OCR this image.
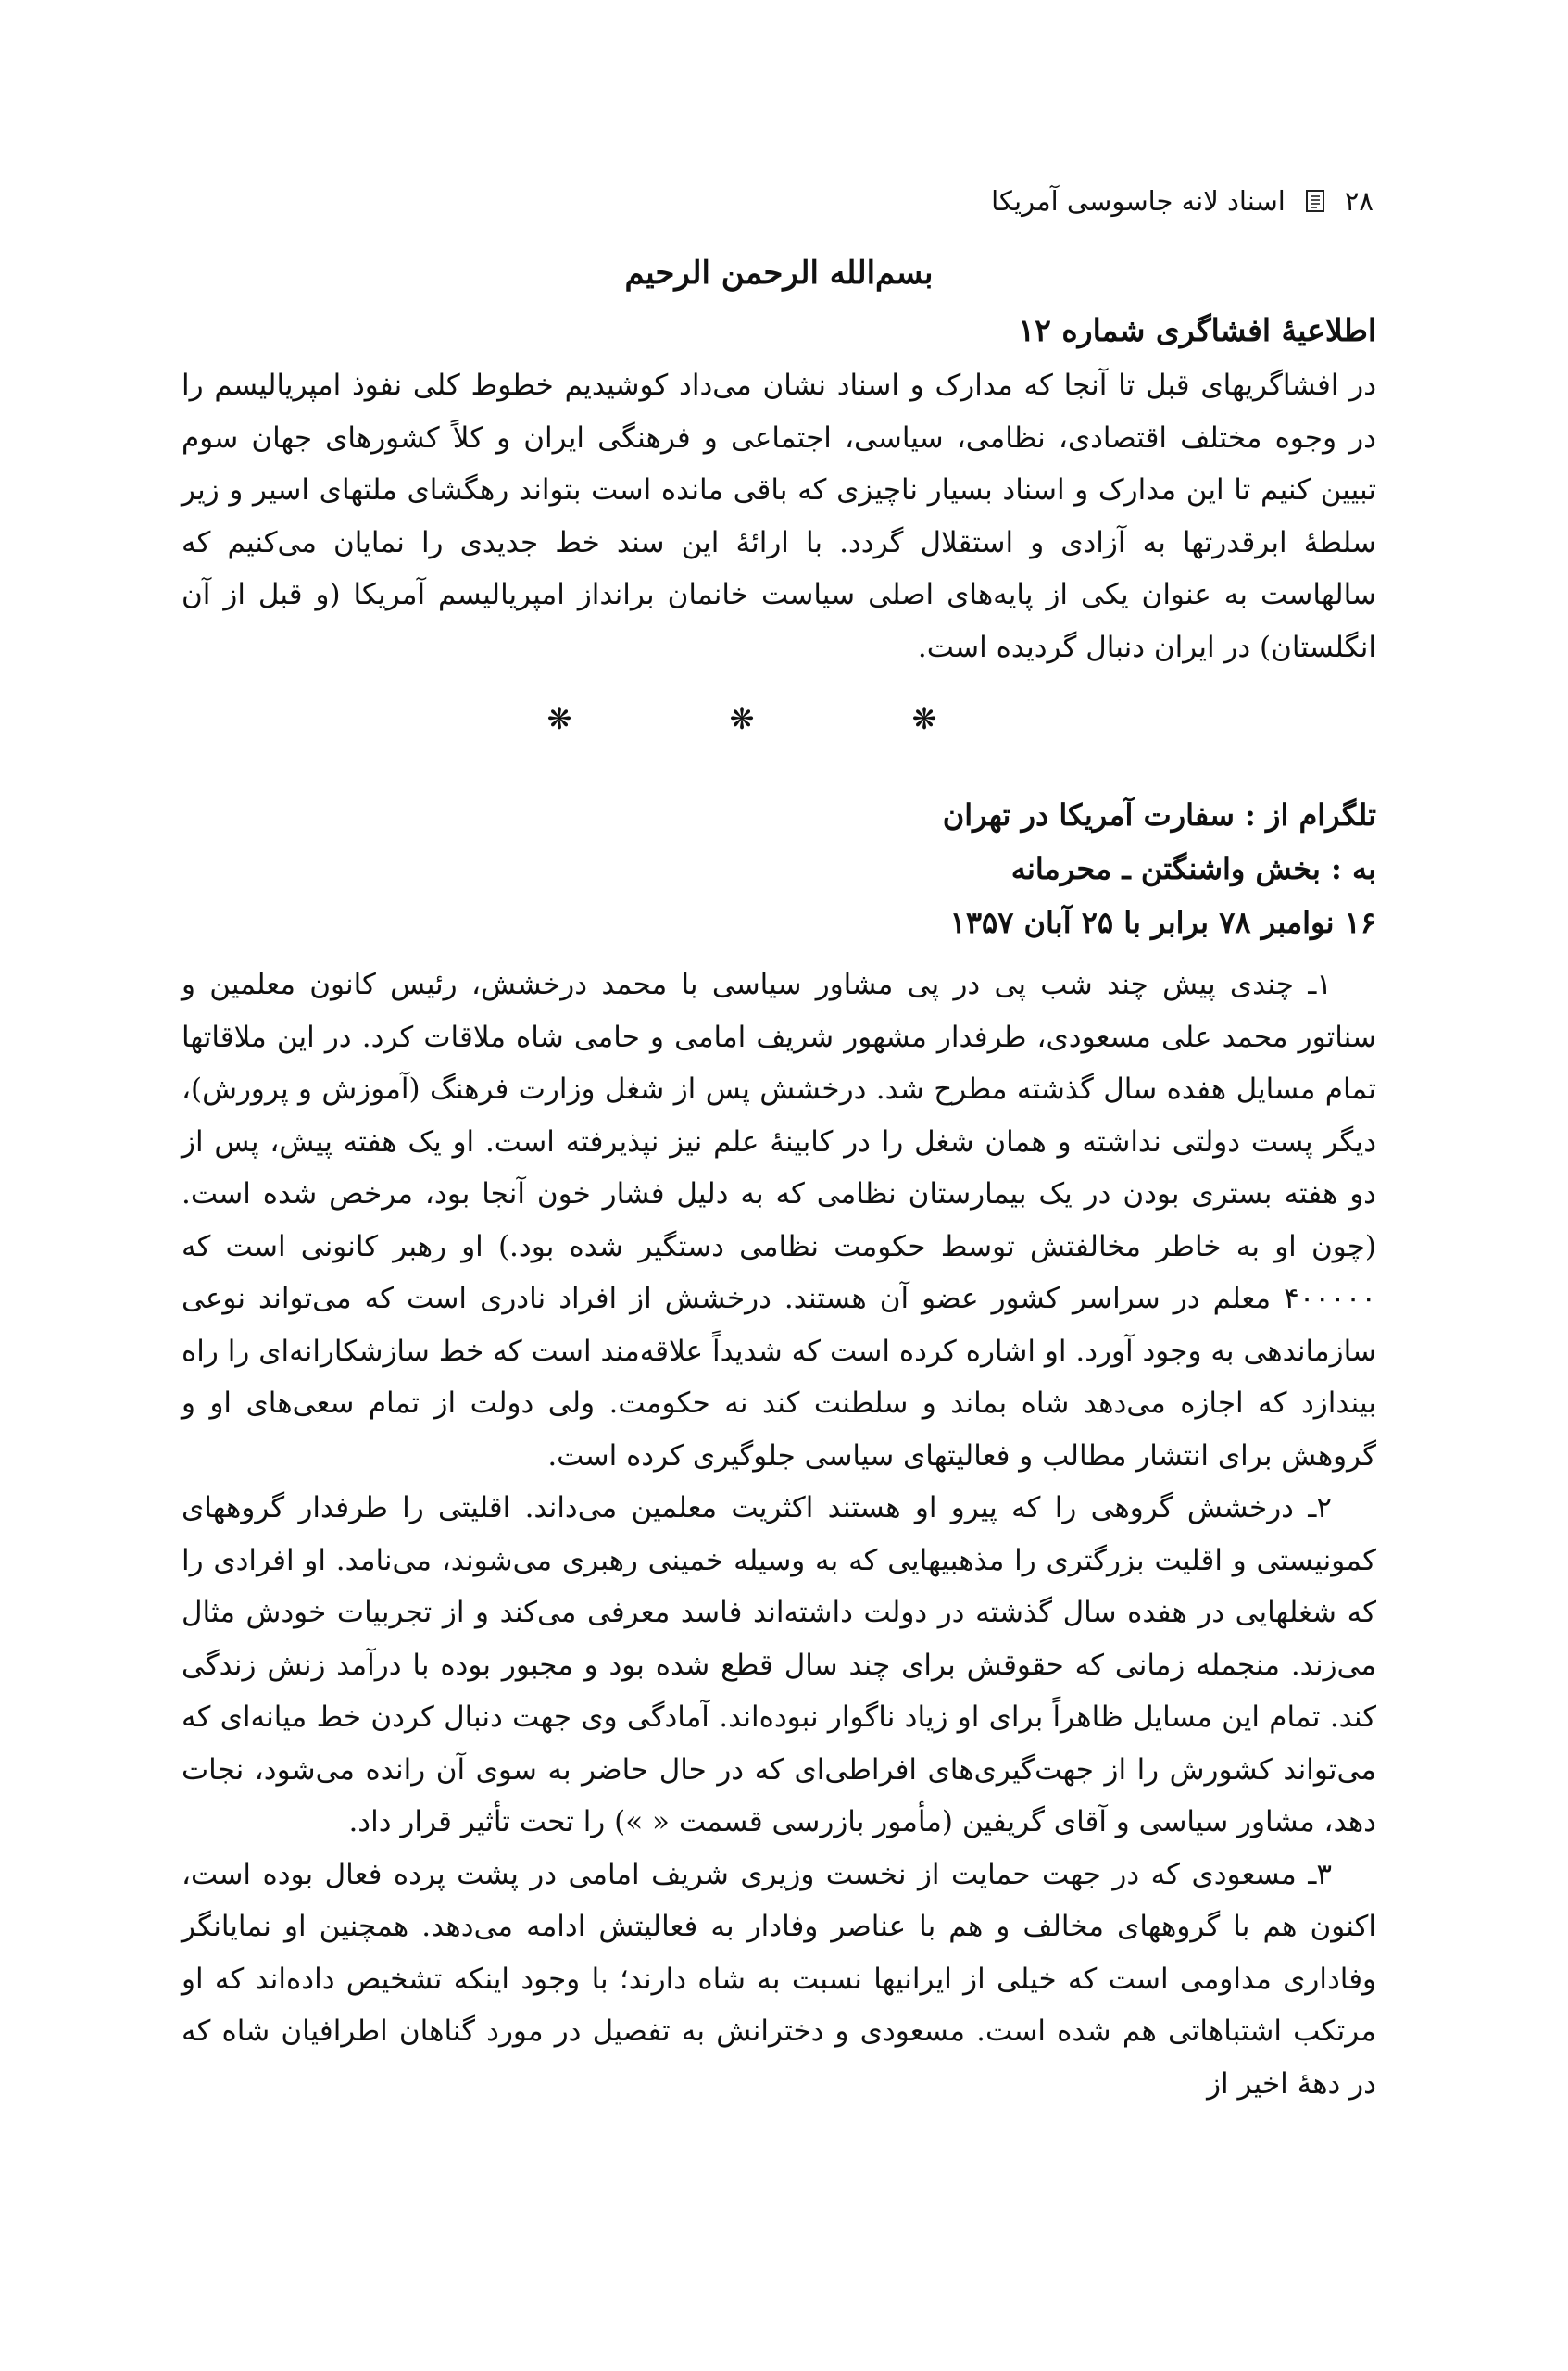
اسناد لانه جاسوسی آمریکا ۲۸
بسم‌الله الرحمن الرحیم
اطلاعیهٔ افشاگری شماره ۱۲

در افشاگریهای قبل تا آنجا که مدارک و اسناد نشان می‌داد کوشیدیم خطوط کلی نفوذ امپریالیسم را در وجوه مختلف اقتصادی، نظامی، سیاسی، اجتماعی و فرهنگی ایران و کلاً کشورهای جهان سوم تبیین کنیم تا این مدارک و اسناد بسیار ناچیزی که باقی مانده است بتواند رهگشای ملتهای اسیر و زیر سلطهٔ ابرقدرتها به آزادی و استقلال گردد. با ارائهٔ این سند خط جدیدی را نمایان می‌کنیم که سالهاست به عنوان یکی از پایه‌های اصلی سیاست خانمان برانداز امپریالیسم آمریکا (و قبل از آن انگلستان) در ایران دنبال گردیده است.

❋ ❋ ❋
تلگرام از : سفارت آمریکا در تهران
به : بخش واشنگتن ـ محرمانه
۱۶ نوامبر ۷۸ برابر با ۲۵ آبان ۱۳۵۷

۱ـ چندی پیش چند شب پی در پی مشاور سیاسی با محمد درخشش، رئیس کانون معلمین و سناتور محمد علی مسعودی، طرفدار مشهور شریف امامی و حامی شاه ملاقات کرد. در این ملاقاتها تمام مسایل هفده سال گذشته مطرح شد. درخشش پس از شغل وزارت فرهنگ (آموزش و پرورش)، دیگر پست دولتی نداشته و همان شغل را در کابینهٔ علم نیز نپذیرفته است. او یک هفته پیش، پس از دو هفته بستری بودن در یک بیمارستان نظامی که به دلیل فشار خون آنجا بود، مرخص شده است. (چون او به خاطر مخالفتش توسط حکومت نظامی دستگیر شده بود.) او رهبر کانونی است که ۴۰۰۰۰۰ معلم در سراسر کشور عضو آن هستند. درخشش از افراد نادری است که می‌تواند نوعی سازماندهی به وجود آورد. او اشاره کرده است که شدیداً علاقه‌مند است که خط سازشکارانه‌ای را راه بیندازد که اجازه می‌دهد شاه بماند و سلطنت کند نه حکومت. ولی دولت از تمام سعی‌های او و گروهش برای انتشار مطالب و فعالیتهای سیاسی جلوگیری کرده است.

۲ـ درخشش گروهی را که پیرو او هستند اکثریت معلمین می‌داند. اقلیتی را طرفدار گروههای کمونیستی و اقلیت بزرگتری را مذهبیهایی که به وسیله خمینی رهبری می‌شوند، می‌نامد. او افرادی را که شغلهایی در هفده سال گذشته در دولت داشته‌اند فاسد معرفی می‌کند و از تجربیات خودش مثال می‌زند. منجمله زمانی که حقوقش برای چند سال قطع شده بود و مجبور بوده با درآمد زنش زندگی کند. تمام این مسایل ظاهراً برای او زیاد ناگوار نبوده‌اند. آمادگی وی جهت دنبال کردن خط میانه‌ای که می‌تواند کشورش را از جهت‌گیری‌های افراطی‌ای که در حال حاضر به سوی آن رانده می‌شود، نجات دهد، مشاور سیاسی و آقای گریفین (مأمور بازرسی قسمت « ») را تحت تأثیر قرار داد.

۳ـ مسعودی که در جهت حمایت از نخست وزیری شریف امامی در پشت پرده فعال بوده است، اکنون هم با گروههای مخالف و هم با عناصر وفادار به فعالیتش ادامه می‌دهد. همچنین او نمایانگر وفاداری مداومی است که خیلی از ایرانیها نسبت به شاه دارند؛ با وجود اینکه تشخیص داده‌اند که او مرتکب اشتباهاتی هم شده است. مسعودی و دخترانش به تفصیل در مورد گناهان اطرافیان شاه که در دههٔ اخیر از
